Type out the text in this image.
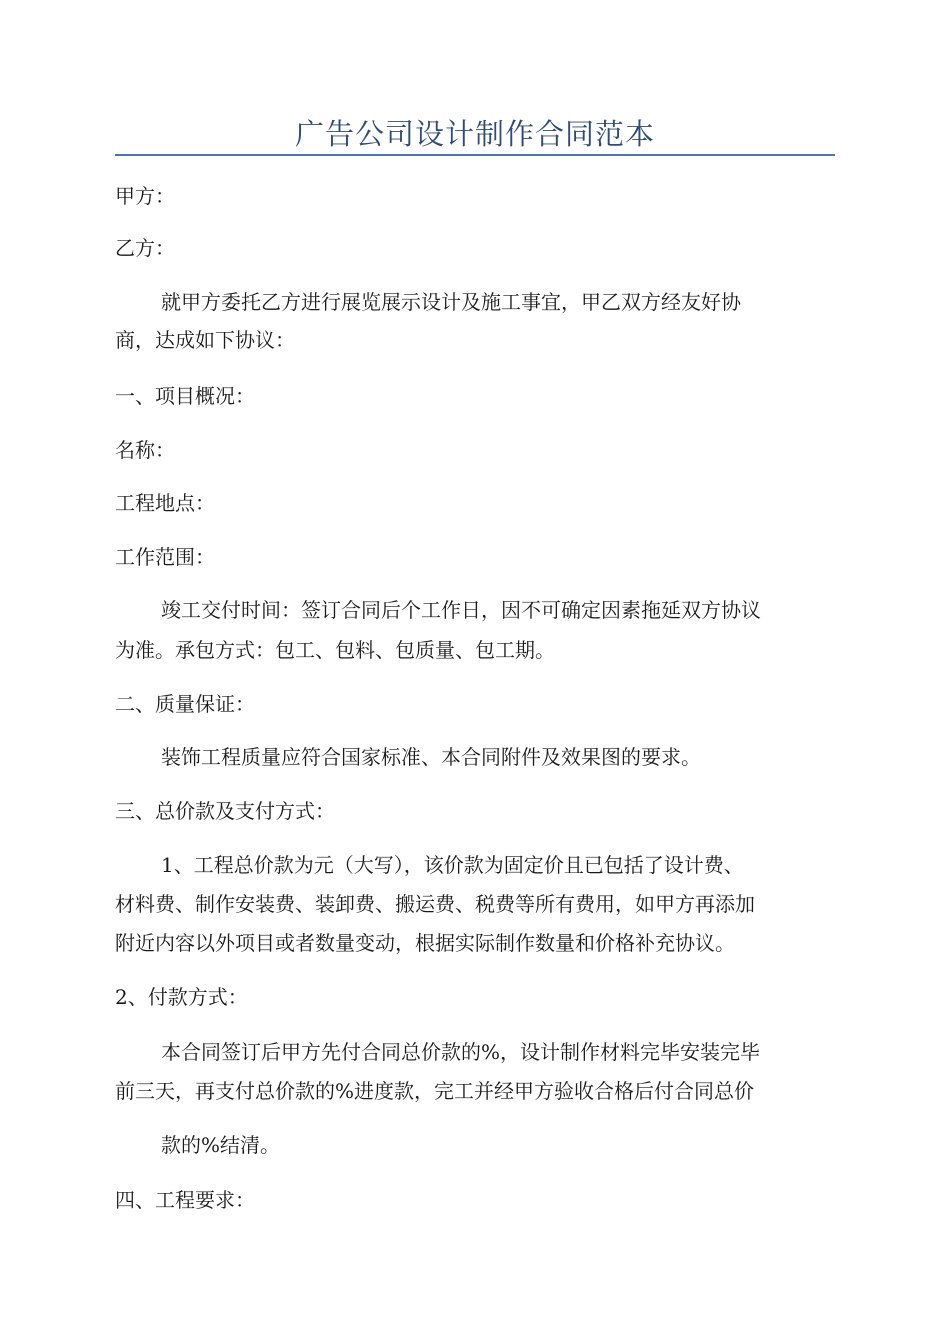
广告公司设计制作合同范本

甲方：

乙方：

就甲方委托乙方进行展览展示设计及施工事宜，甲乙双方经友好协

商，达成如下协议：

一、项目概况：

名称：

工程地点：

工作范围：

竣工交付时间：签订合同后个工作日，因不可确定因素拖延双方协议

为准。承包方式：包工、包料、包质量、包工期。

二、质量保证：

装饰工程质量应符合国家标准、本合同附件及效果图的要求。

三、总价款及支付方式：

1、工程总价款为元（大写），该价款为固定价且已包括了设计费、

材料费、制作安装费、装卸费、搬运费、税费等所有费用，如甲方再添加

附近内容以外项目或者数量变动，根据实际制作数量和价格补充协议。

2、付款方式：

本合同签订后甲方先付合同总价款的%，设计制作材料完毕安装完毕

前三天，再支付总价款的%进度款，完工并经甲方验收合格后付合同总价

款的%结清。

四、工程要求：
